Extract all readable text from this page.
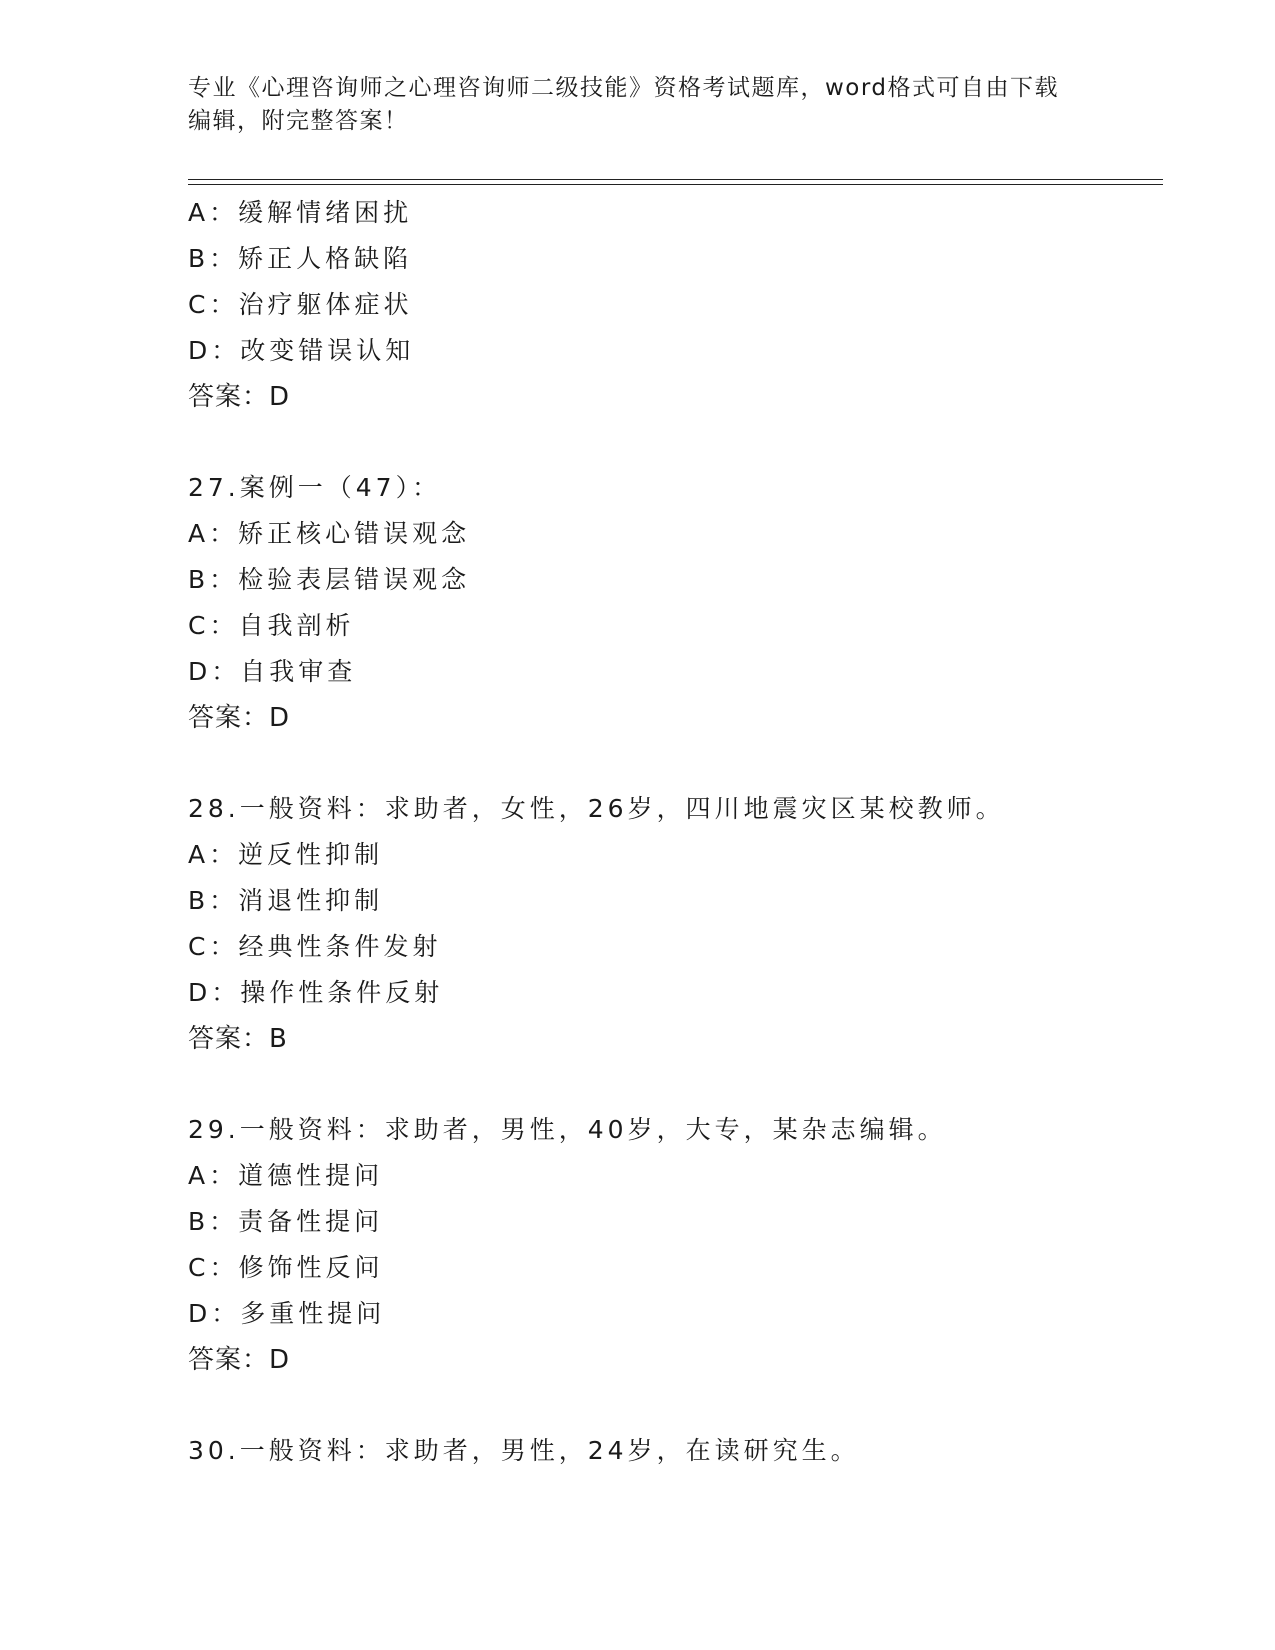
专业《心理咨询师之心理咨询师二级技能》资格考试题库，word格式可自由下载
编辑，附完整答案！
A：缓解情绪困扰
B：矫正人格缺陷
C：治疗躯体症状
D：改变错误认知
答案：D
27.案例一（47）：
A：矫正核心错误观念
B：检验表层错误观念
C：自我剖析
D：自我审查
答案：D
28.一般资料：求助者，女性，26岁，四川地震灾区某校教师。
A：逆反性抑制
B：消退性抑制
C：经典性条件发射
D：操作性条件反射
答案：B
29.一般资料：求助者，男性，40岁，大专，某杂志编辑。
A：道德性提问
B：责备性提问
C：修饰性反问
D：多重性提问
答案：D
30.一般资料：求助者，男性，24岁，在读研究生。
